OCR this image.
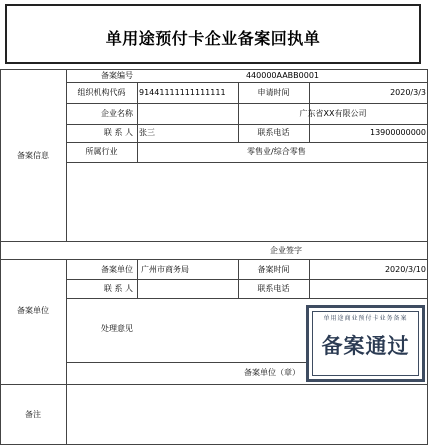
单用途预付卡企业备案回执单
备案信息
备案编号	440000AABB0001
组织机构代码	91441111111111111	申请时间	2020/3/3
企业名称	广东省XX有限公司
联 系 人 张三	联系电话	13900000000
所属行业	零售业/综合零售
企业签字
备案单位
备案单位 广州市商务局	备案时间	2020/3/10
联 系 人	联系电话
处理意见
备案单位（章）
单用途商业预付卡业务备案
备案通过
备注
